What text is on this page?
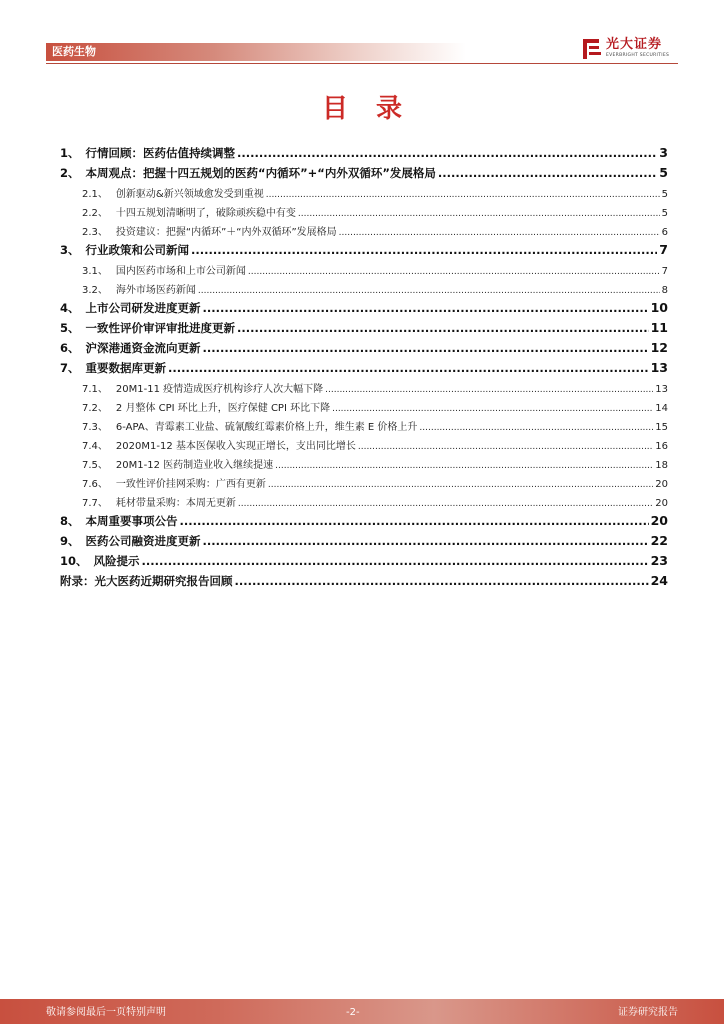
医药生物	光大证券
EVERBRIGHT SECURITIES
目录
1、 行情回顾：医药估值持续调整 .....	3
2、 本周观点：把握十四五规划的医药“内循环”+“内外双循环”发展格局 .....	5
2.1、 创新驱动&新兴领域愈发受到重视 .....	5
2.2、 十四五规划清晰明了，破除顽疾稳中有变 .....	5
2.3、 投资建议：把握“内循环”＋“内外双循环”发展格局 .....	6
3、 行业政策和公司新闻 .....	7
3.1、 国内医药市场和上市公司新闻 .....	7
3.2、 海外市场医药新闻 .....	8
4、 上市公司研发进度更新 .....	10
5、 一致性评价审评审批进度更新 .....	11
6、 沪深港通资金流向更新 .....	12
7、 重要数据库更新 .....	13
7.1、 20M1-11 疫情造成医疗机构诊疗人次大幅下降 .....	13
7.2、 2 月整体 CPI 环比上升，医疗保健 CPI 环比下降 .....	14
7.3、 6-APA、青霉素工业盐、硫氰酸红霉素价格上升，维生素 E 价格上升 .....	15
7.4、 2020M1-12 基本医保收入实现正增长，支出同比增长 .....	16
7.5、 20M1-12 医药制造业收入继续提速 .....	18
7.6、 一致性评价挂网采购：广西有更新 .....	20
7.7、 耗材带量采购：本周无更新 .....	20
8、 本周重要事项公告 .....	20
9、 医药公司融资进度更新 .....	22
10、 风险提示 .....	23
附录：光大医药近期研究报告回顾 .....	24
敬请参阅最后一页特别声明	-2-	证券研究报告
